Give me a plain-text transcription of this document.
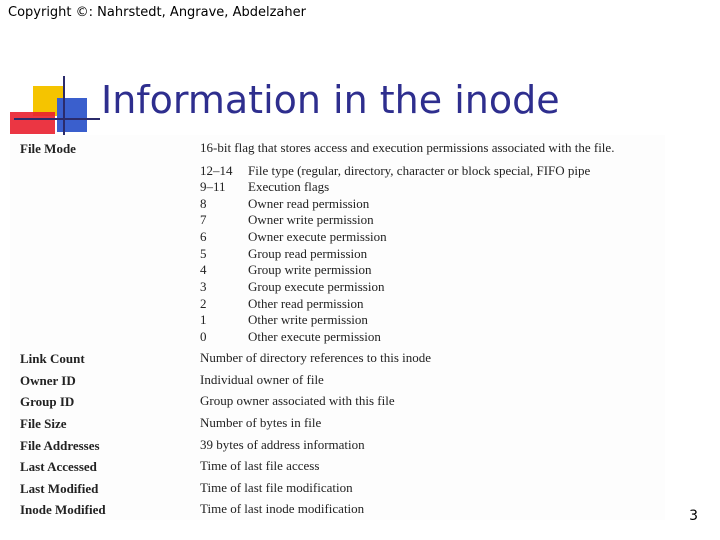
Copyright ©: Nahrstedt, Angrave, Abdelzaher
Information in the inode
File Mode	16-bit flag that stores access and execution permissions associated with the file.
12–14	File type (regular, directory, character or block special, FIFO pipe
9–11	Execution flags
8	Owner read permission
7	Owner write permission
6	Owner execute permission
5	Group read permission
4	Group write permission
3	Group execute permission
2	Other read permission
1	Other write permission
0	Other execute permission
Link Count	Number of directory references to this inode
Owner ID	Individual owner of file
Group ID	Group owner associated with this file
File Size	Number of bytes in file
File Addresses	39 bytes of address information
Last Accessed	Time of last file access
Last Modified	Time of last file modification
Inode Modified	Time of last inode modification	3
